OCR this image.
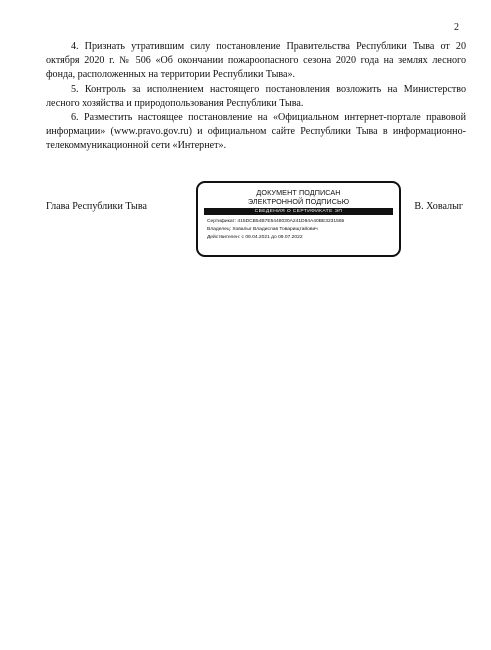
2

4. Признать утратившим силу постановление Правительства Республики Тыва от 20 октября 2020 г. № 506 «Об окончании пожароопасного сезона 2020 года на землях лесного фонда, расположенных на территории Республики Тыва».

5. Контроль за исполнением настоящего постановления возложить на Министерство лесного хозяйства и природопользования Республики Тыва.

6. Разместить настоящее постановление на «Официальном интернет-портале правовой информации» (www.pravo.gov.ru) и официальном сайте Республики Тыва в информационно-телекоммуникационной сети «Интернет».

Глава Республики Тыва
ДОКУМЕНТ ПОДПИСАН
ЭЛЕКТРОННОЙ ПОДПИСЬЮ
СВЕДЕНИЯ О СЕРТИФИКАТЕ ЭП
Сертификат: 415DCB54B7E5448030A241D84A40BE3231565
Владелец: Ховалыг Владислав Товарищтайович
Действителен: с 09.04.2021 до 09.07.2022
В. Ховалыг
